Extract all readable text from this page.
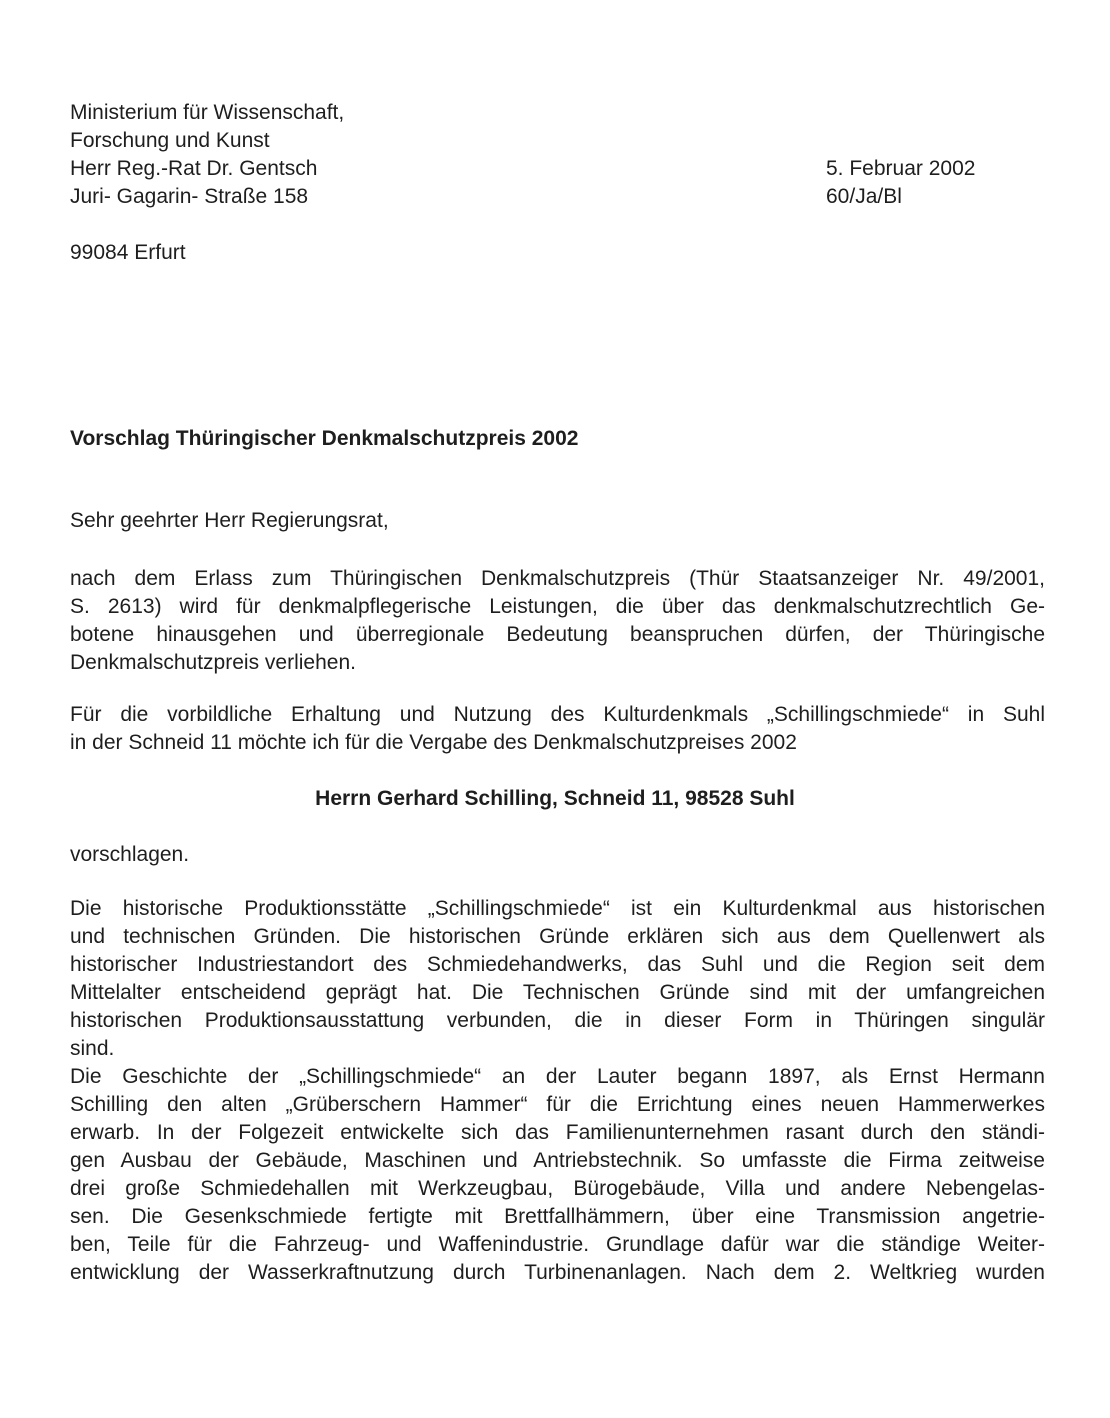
Ministerium für Wissenschaft,
Forschung und Kunst
Herr Reg.-Rat Dr. Gentsch
Juri- Gagarin- Straße 158
5. Februar 2002
60/Ja/Bl
99084 Erfurt
Vorschlag Thüringischer Denkmalschutzpreis 2002
Sehr geehrter Herr Regierungsrat,
nach dem Erlass zum Thüringischen Denkmalschutzpreis (Thür Staatsanzeiger Nr. 49/2001,
S. 2613) wird für denkmalpflegerische Leistungen, die über das denkmalschutzrechtlich Ge-
botene hinausgehen und überregionale Bedeutung beanspruchen dürfen, der Thüringische
Denkmalschutzpreis verliehen.
Für die vorbildliche Erhaltung und Nutzung des Kulturdenkmals „Schillingschmiede“ in Suhl
in der Schneid 11 möchte ich für die Vergabe des Denkmalschutzpreises 2002
Herrn Gerhard Schilling, Schneid 11, 98528 Suhl
vorschlagen.
Die historische Produktionsstätte „Schillingschmiede“ ist ein Kulturdenkmal aus historischen
und technischen Gründen. Die historischen Gründe erklären sich aus dem Quellenwert als
historischer Industriestandort des Schmiedehandwerks, das Suhl und die Region seit dem
Mittelalter entscheidend geprägt hat. Die Technischen Gründe sind mit der umfangreichen
historischen Produktionsausstattung verbunden, die in dieser Form in Thüringen singulär
sind.
Die Geschichte der „Schillingschmiede“ an der Lauter begann 1897, als Ernst Hermann
Schilling den alten „Grüberschern Hammer“ für die Errichtung eines neuen Hammerwerkes
erwarb. In der Folgezeit entwickelte sich das Familienunternehmen rasant durch den ständi-
gen Ausbau der Gebäude, Maschinen und Antriebstechnik. So umfasste die Firma zeitweise
drei große Schmiedehallen mit Werkzeugbau, Bürogebäude, Villa und andere Nebengelas-
sen. Die Gesenkschmiede fertigte mit Brettfallhämmern, über eine Transmission angetrie-
ben, Teile für die Fahrzeug- und Waffenindustrie. Grundlage dafür war die ständige Weiter-
entwicklung der Wasserkraftnutzung durch Turbinenanlagen. Nach dem 2. Weltkrieg wurden
